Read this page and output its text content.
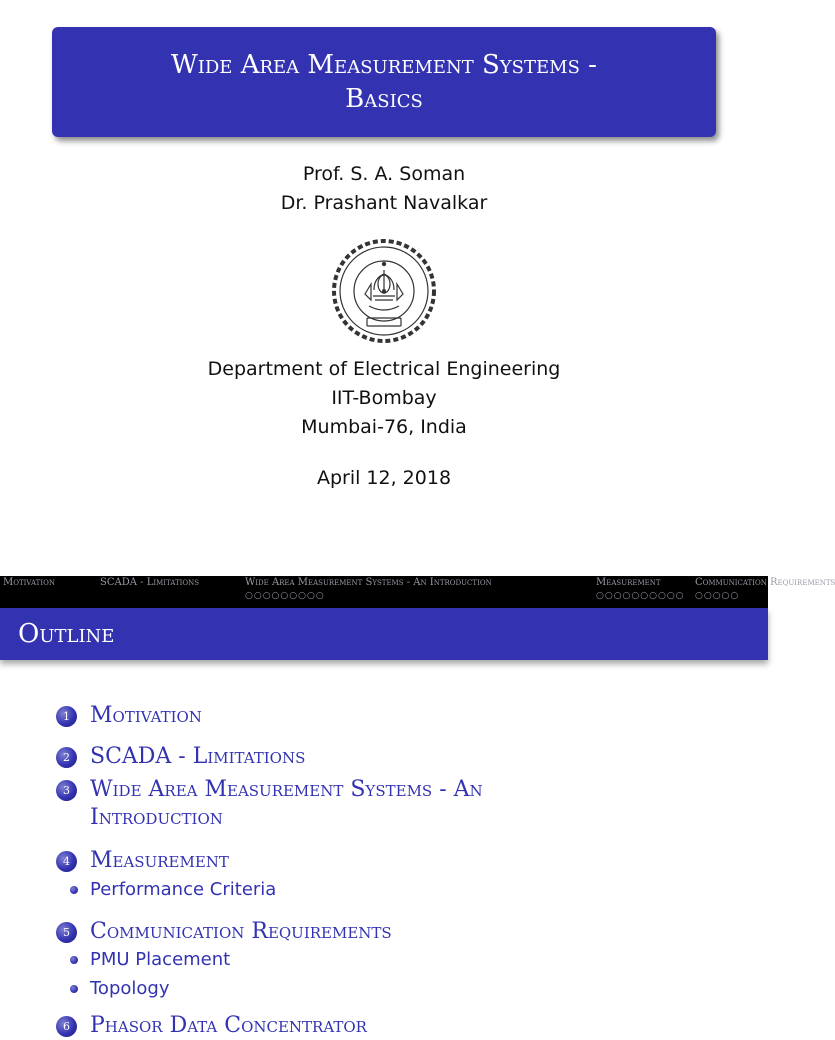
Wide Area Measurement Systems -
Basics
Prof. S. A. Soman
Dr. Prashant Navalkar
Department of Electrical Engineering
IIT-Bombay
Mumbai-76, India
April 12, 2018
Motivation	SCADA - Limitations	Wide Area Measurement Systems - An Introduction	Measurement	Communication Requirements
○○○○○○○○○	○○○○○○○○○○ ○○○○○
Outline
1 Motivation
2 SCADA - Limitations
3 Wide Area Measurement Systems - An Introduction
4 Measurement
Performance Criteria
5 Communication Requirements
PMU Placement
Topology
6 Phasor Data Concentrator
